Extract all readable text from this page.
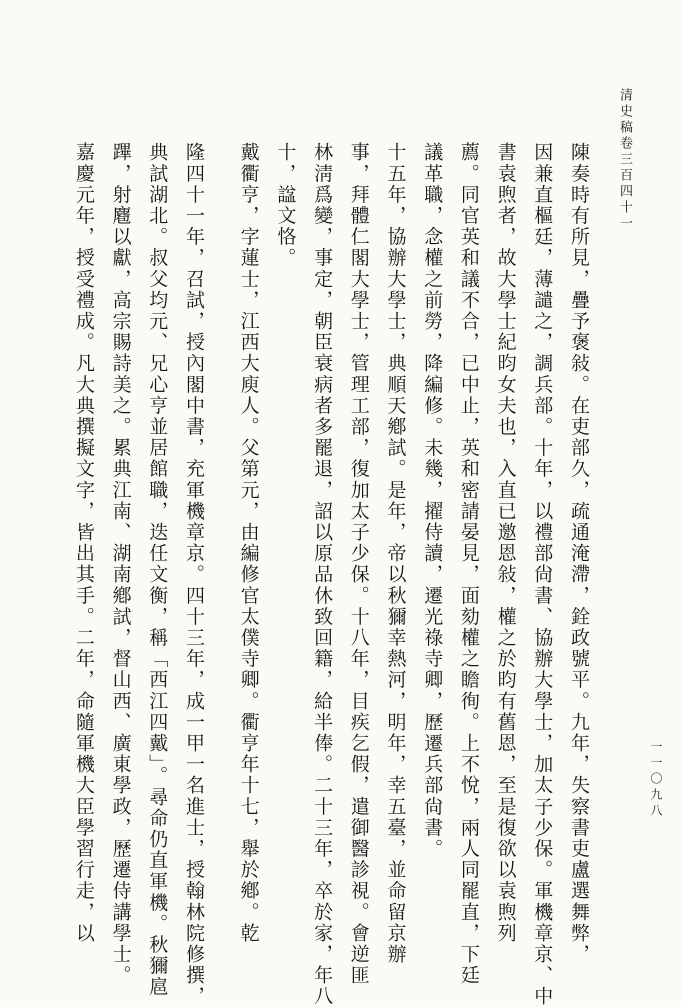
清史稿卷三百四十一
一一〇九八
陳奏時有所見，疊予褒敍。在吏部久，疏通淹滯，銓政號平。九年，失察書吏盧選舞弊，
因兼直樞廷，薄譴之，調兵部。十年，以禮部尙書、協辦大學士，加太子少保。軍機章京、中
書袁煦者，故大學士紀昀女夫也，入直已邀恩敍，權之於昀有舊恩，至是復欲以袁煦列
薦。同官英和議不合，已中止，英和密請晏見，面劾權之瞻徇。上不悅，兩人同罷直，下廷
議革職，念權之前勞，降編修。未幾，擢侍讀，遷光祿寺卿，歷遷兵部尙書。
十五年，協辦大學士，典順天鄕試。是年，帝以秋獮幸熱河，明年，幸五臺，並命留京辦
事，拜體仁閣大學士，管理工部，復加太子少保。十八年，目疾乞假，遣御醫診視。會逆匪
林淸爲變，事定，朝臣衰病者多罷退，詔以原品休致回籍，給半俸。二十三年，卒於家，年八
十，諡文恪。
戴衢亨，字蓮士，江西大庾人。父第元，由編修官太僕寺卿。衢亨年十七，舉於鄕。乾
隆四十一年，召試，授內閣中書，充軍機章京。四十三年，成一甲一名進士，授翰林院修撰，
典試湖北。叔父均元、兄心亨並居館職，迭任文衡，稱「西江四戴」。尋命仍直軍機。秋獮扈
蹕，射麅以獻，高宗賜詩美之。累典江南、湖南鄕試，督山西、廣東學政，歷遷侍講學士。
嘉慶元年，授受禮成。凡大典撰擬文字，皆出其手。二年，命隨軍機大臣學習行走，以
